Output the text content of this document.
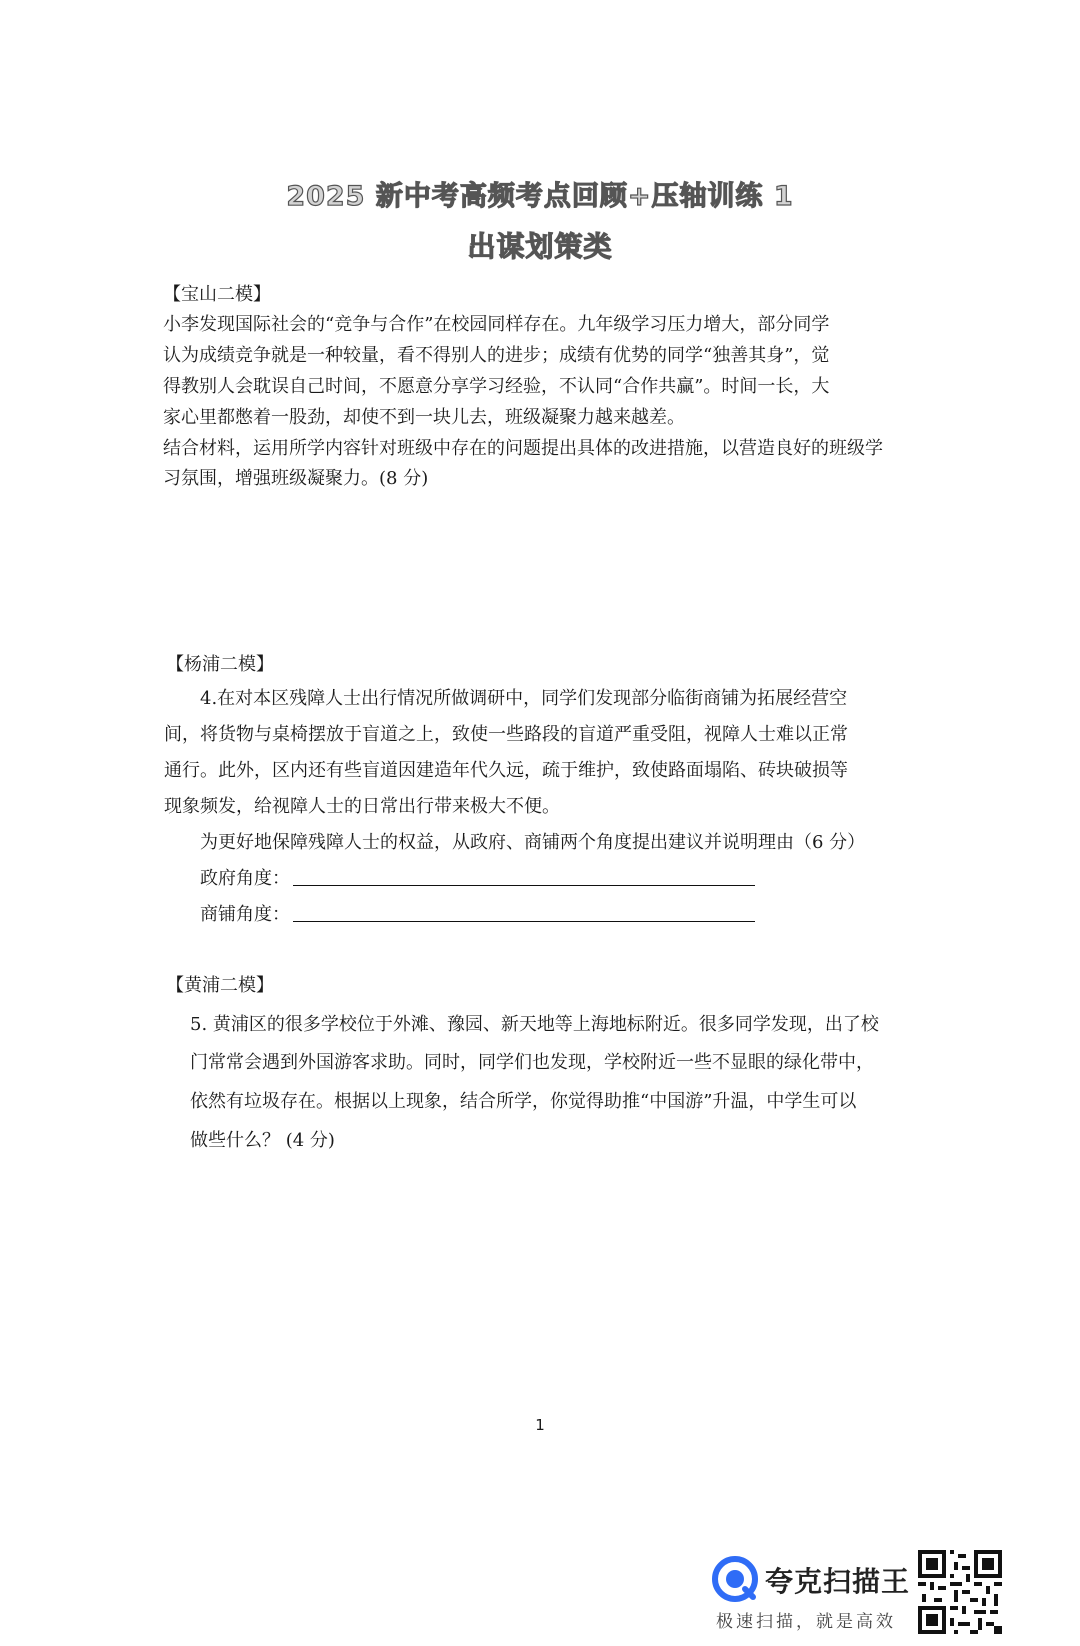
2025 新中考高频考点回顾+压轴训练 1
出谋划策类
【宝山二模】
小李发现国际社会的“竞争与合作”在校园同样存在。九年级学习压力增大，部分同学
认为成绩竞争就是一种较量，看不得别人的进步；成绩有优势的同学“独善其身”，觉
得教别人会耽误自己时间，不愿意分享学习经验，不认同“合作共赢”。时间一长，大
家心里都憋着一股劲，却使不到一块儿去，班级凝聚力越来越差。
结合材料，运用所学内容针对班级中存在的问题提出具体的改进措施，以营造良好的班级学
习氛围，增强班级凝聚力。(8 分)
【杨浦二模】
4.在对本区残障人士出行情况所做调研中，同学们发现部分临街商铺为拓展经营空
间，将货物与桌椅摆放于盲道之上，致使一些路段的盲道严重受阻，视障人士难以正常
通行。此外，区内还有些盲道因建造年代久远，疏于维护，致使路面塌陷、砖块破损等
现象频发，给视障人士的日常出行带来极大不便。
为更好地保障残障人士的权益，从政府、商铺两个角度提出建议并说明理由（6 分）
政府角度：
商铺角度：
【黄浦二模】
5. 黄浦区的很多学校位于外滩、豫园、新天地等上海地标附近。很多同学发现，出了校
门常常会遇到外国游客求助。同时，同学们也发现，学校附近一些不显眼的绿化带中，
依然有垃圾存在。根据以上现象，结合所学，你觉得助推“中国游”升温，中学生可以
做些什么？ (4 分)
1
夸克扫描王
极速扫描，就是高效
